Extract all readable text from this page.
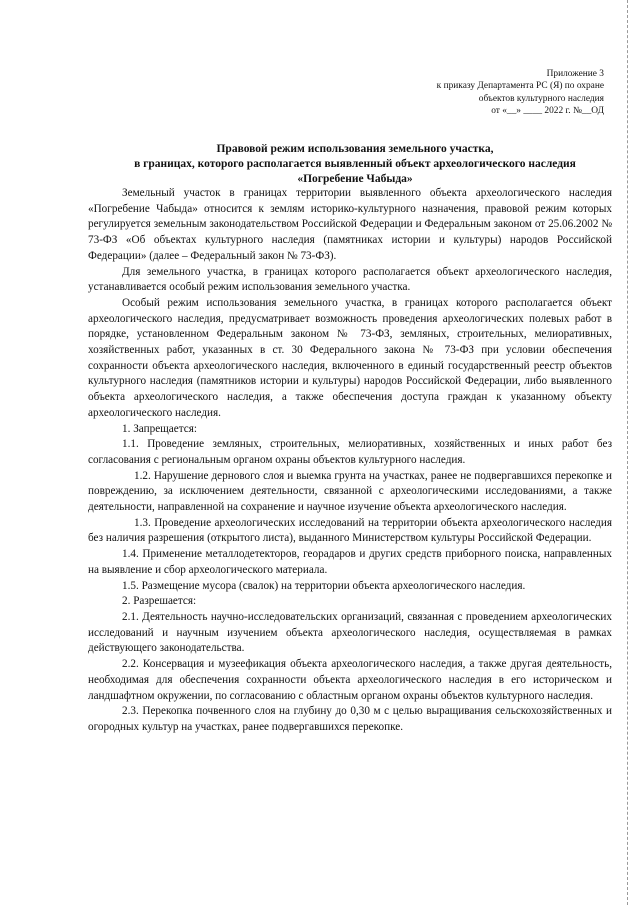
Приложение 3
к приказу Департамента РС (Я) по охране
объектов культурного наследия
от «__» ____ 2022 г. №__ОД
Правовой режим использования земельного участка,
в границах, которого располагается выявленный объект археологического наследия
«Погребение Чабыда»

Земельный участок в границах территории выявленного объекта археологического наследия «Погребение Чабыда» относится к землям историко-культурного назначения, правовой режим которых регулируется земельным законодательством Российской Федерации и Федеральным законом от 25.06.2002 № 73-ФЗ «Об объектах культурного наследия (памятниках истории и культуры) народов Российской Федерации» (далее – Федеральный закон № 73-ФЗ).

Для земельного участка, в границах которого располагается объект археологического наследия, устанавливается особый режим использования земельного участка.

Особый режим использования земельного участка, в границах которого располагается объект археологического наследия, предусматривает возможность проведения археологических полевых работ в порядке, установленном Федеральным законом № 73-ФЗ, земляных, строительных, мелиоративных, хозяйственных работ, указанных в ст. 30 Федерального закона № 73-ФЗ при условии обеспечения сохранности объекта археологического наследия, включенного в единый государственный реестр объектов культурного наследия (памятников истории и культуры) народов Российской Федерации, либо выявленного объекта археологического наследия, а также обеспечения доступа граждан к указанному объекту археологического наследия.

1. Запрещается:

1.1. Проведение земляных, строительных, мелиоративных, хозяйственных и иных работ без согласования с региональным органом охраны объектов культурного наследия.

1.2. Нарушение дернового слоя и выемка грунта на участках, ранее не подвергавшихся перекопке и повреждению, за исключением деятельности, связанной с археологическими исследованиями, а также деятельности, направленной на сохранение и научное изучение объекта археологического наследия.

1.3. Проведение археологических исследований на территории объекта археологического наследия без наличия разрешения (открытого листа), выданного Министерством культуры Российской Федерации.

1.4. Применение металлодетекторов, георадаров и других средств приборного поиска, направленных на выявление и сбор археологического материала.

1.5. Размещение мусора (свалок) на территории объекта археологического наследия.

2. Разрешается:

2.1. Деятельность научно-исследовательских организаций, связанная с проведением археологических исследований и научным изучением объекта археологического наследия, осуществляемая в рамках действующего законодательства.

2.2. Консервация и музеефикация объекта археологического наследия, а также другая деятельность, необходимая для обеспечения сохранности объекта археологического наследия в его историческом и ландшафтном окружении, по согласованию с областным органом охраны объектов культурного наследия.

2.3. Перекопка почвенного слоя на глубину до 0,30 м с целью выращивания сельскохозяйственных и огородных культур на участках, ранее подвергавшихся перекопке.
